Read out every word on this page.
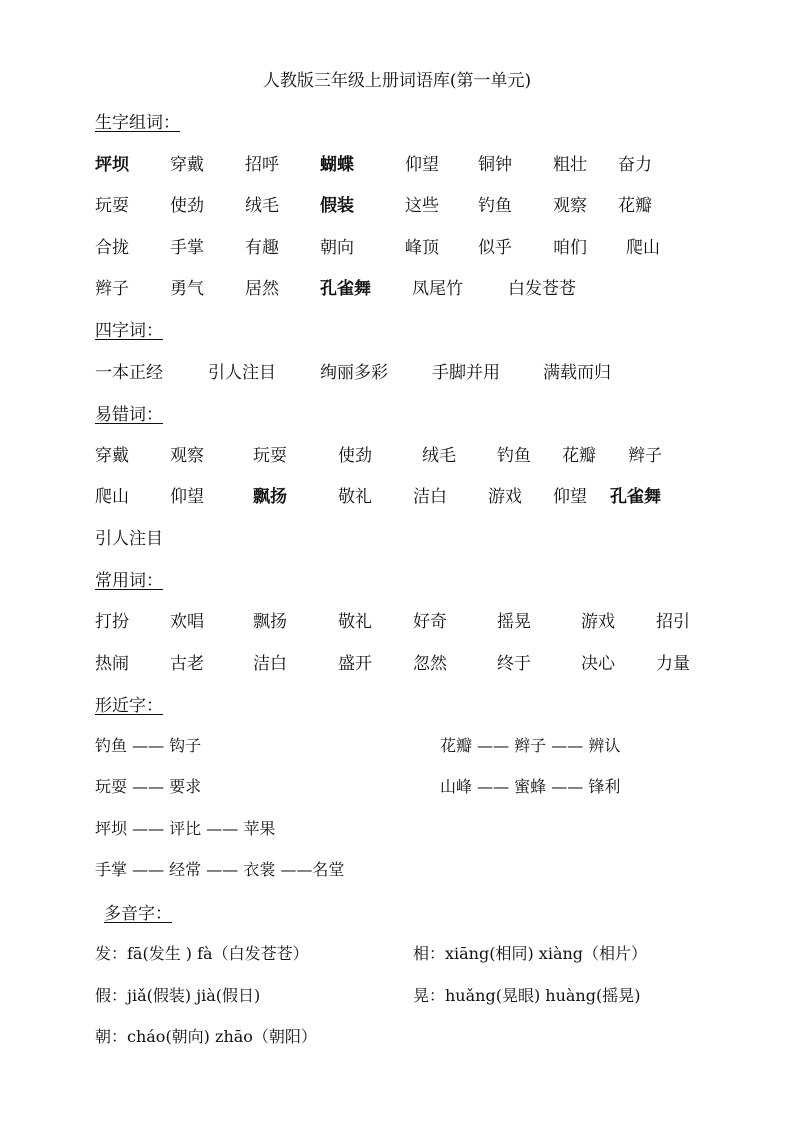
人教版三年级上册词语库(第一单元)
生字组词：
坪坝 穿戴 招呼 蝴蝶	仰望 铜钟 粗壮 奋力
玩耍 使劲 绒毛 假装	这些 钓鱼 观察 花瓣
合拢 手掌 有趣 朝向	峰顶 似乎 咱们 爬山
辫子 勇气 居然 孔雀舞 凤尾竹	白发苍苍
四字词：
一本正经	引人注目	绚丽多彩	手脚并用	满载而归
易错词：
穿戴 观察	玩耍	使劲	绒毛 钓鱼 花瓣 辫子
爬山 仰望	飘扬	敬礼 洁白 游戏 仰望 孔雀舞
引人注目
常用词：
打扮 欢唱	飘扬	敬礼 好奇	摇晃	游戏 招引
热闹 古老	洁白	盛开 忽然	终于	决心 力量
形近字：
钓鱼 —— 钩子	花瓣 —— 辫子 —— 辨认
玩耍 —— 要求	山峰 —— 蜜蜂 —— 锋利
坪坝 —— 评比 —— 苹果
手掌 —— 经常 —— 衣裳 ——名堂
多音字：
发：fā(发生 ) fà（白发苍苍）	相：xiāng(相同) xiàng（相片）
假：jiǎ(假装) jià(假日)	晃：huǎng(晃眼) huàng(摇晃)
朝：cháo(朝向) zhāo（朝阳）
